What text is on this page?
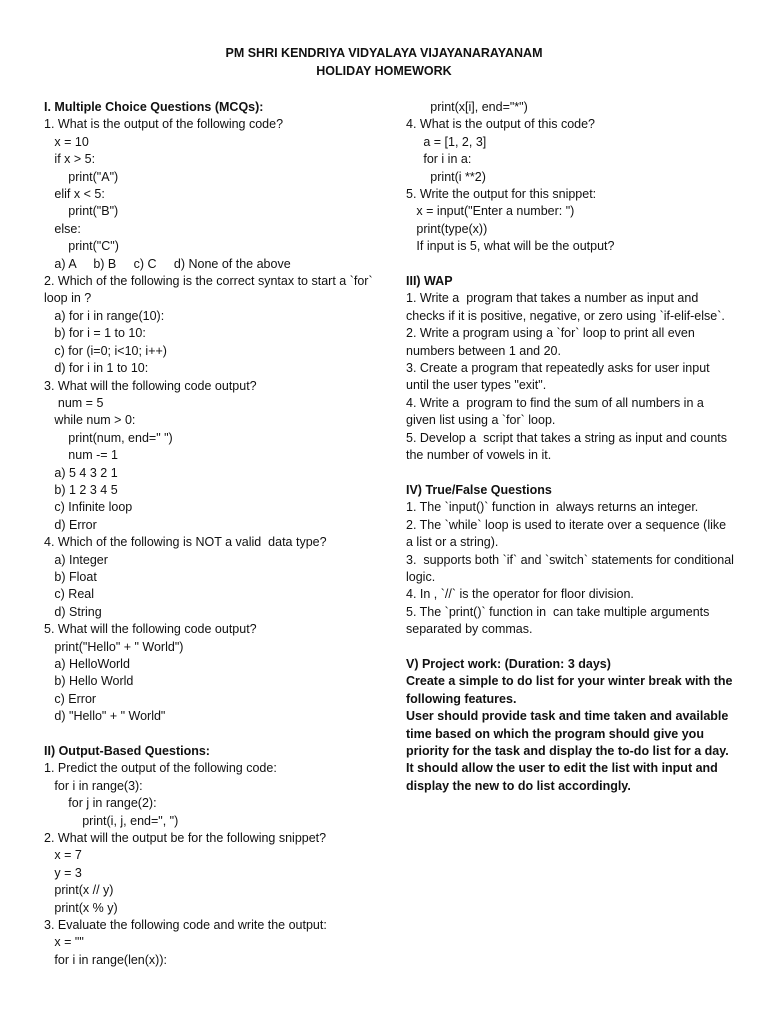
PM SHRI KENDRIYA VIDYALAYA VIJAYANARAYANAM
HOLIDAY HOMEWORK
I. Multiple Choice Questions (MCQs):
1. What is the output of the following code?
x = 10
if x > 5:
print("A")
elif x < 5:
print("B")
else:
print("C")
a) A     b) B     c) C     d) None of the above
2. Which of the following is the correct syntax to start a `for` loop in ?
a) for i in range(10):
b) for i = 1 to 10:
c) for (i=0; i<10; i++)
d) for i in 1 to 10:
3. What will the following code output?
num = 5
while num > 0:
print(num, end=" ")
num -= 1
a) 5 4 3 2 1
b) 1 2 3 4 5
c) Infinite loop
d) Error
4. Which of the following is NOT a valid  data type?
a) Integer
b) Float
c) Real
d) String
5. What will the following code output?
print("Hello" + " World")
a) HelloWorld
b) Hello World
c) Error
d) "Hello" + " World"
II) Output-Based Questions:
1. Predict the output of the following code:
for i in range(3):
for j in range(2):
print(i, j, end=", ")
2. What will the output be for the following snippet?
x = 7
y = 3
print(x // y)
print(x % y)
3. Evaluate the following code and write the output:
x = ""
for i in range(len(x)):
print(x[i], end="*")
4. What is the output of this code?
a = [1, 2, 3]
for i in a:
print(i **2)
5. Write the output for this snippet:
x = input("Enter a number: ")
print(type(x))
If input is 5, what will be the output?
III) WAP
1. Write a  program that takes a number as input and checks if it is positive, negative, or zero using `if-elif-else`.
2. Write a program using a `for` loop to print all even numbers between 1 and 20.
3. Create a program that repeatedly asks for user input until the user types "exit".
4. Write a  program to find the sum of all numbers in a given list using a `for` loop.
5. Develop a  script that takes a string as input and counts the number of vowels in it.
IV) True/False Questions
1. The `input()` function in  always returns an integer.
2. The `while` loop is used to iterate over a sequence (like a list or a string).
3.  supports both `if` and `switch` statements for conditional logic.
4. In , `//` is the operator for floor division.
5. The `print()` function in  can take multiple arguments separated by commas.
V) Project work: (Duration: 3 days)
Create a simple to do list for your winter break with the following features.
User should provide task and time taken and available time based on which the program should give you priority for the task and display the to-do list for a day. It should allow the user to edit the list with input and display the new to do list accordingly.
